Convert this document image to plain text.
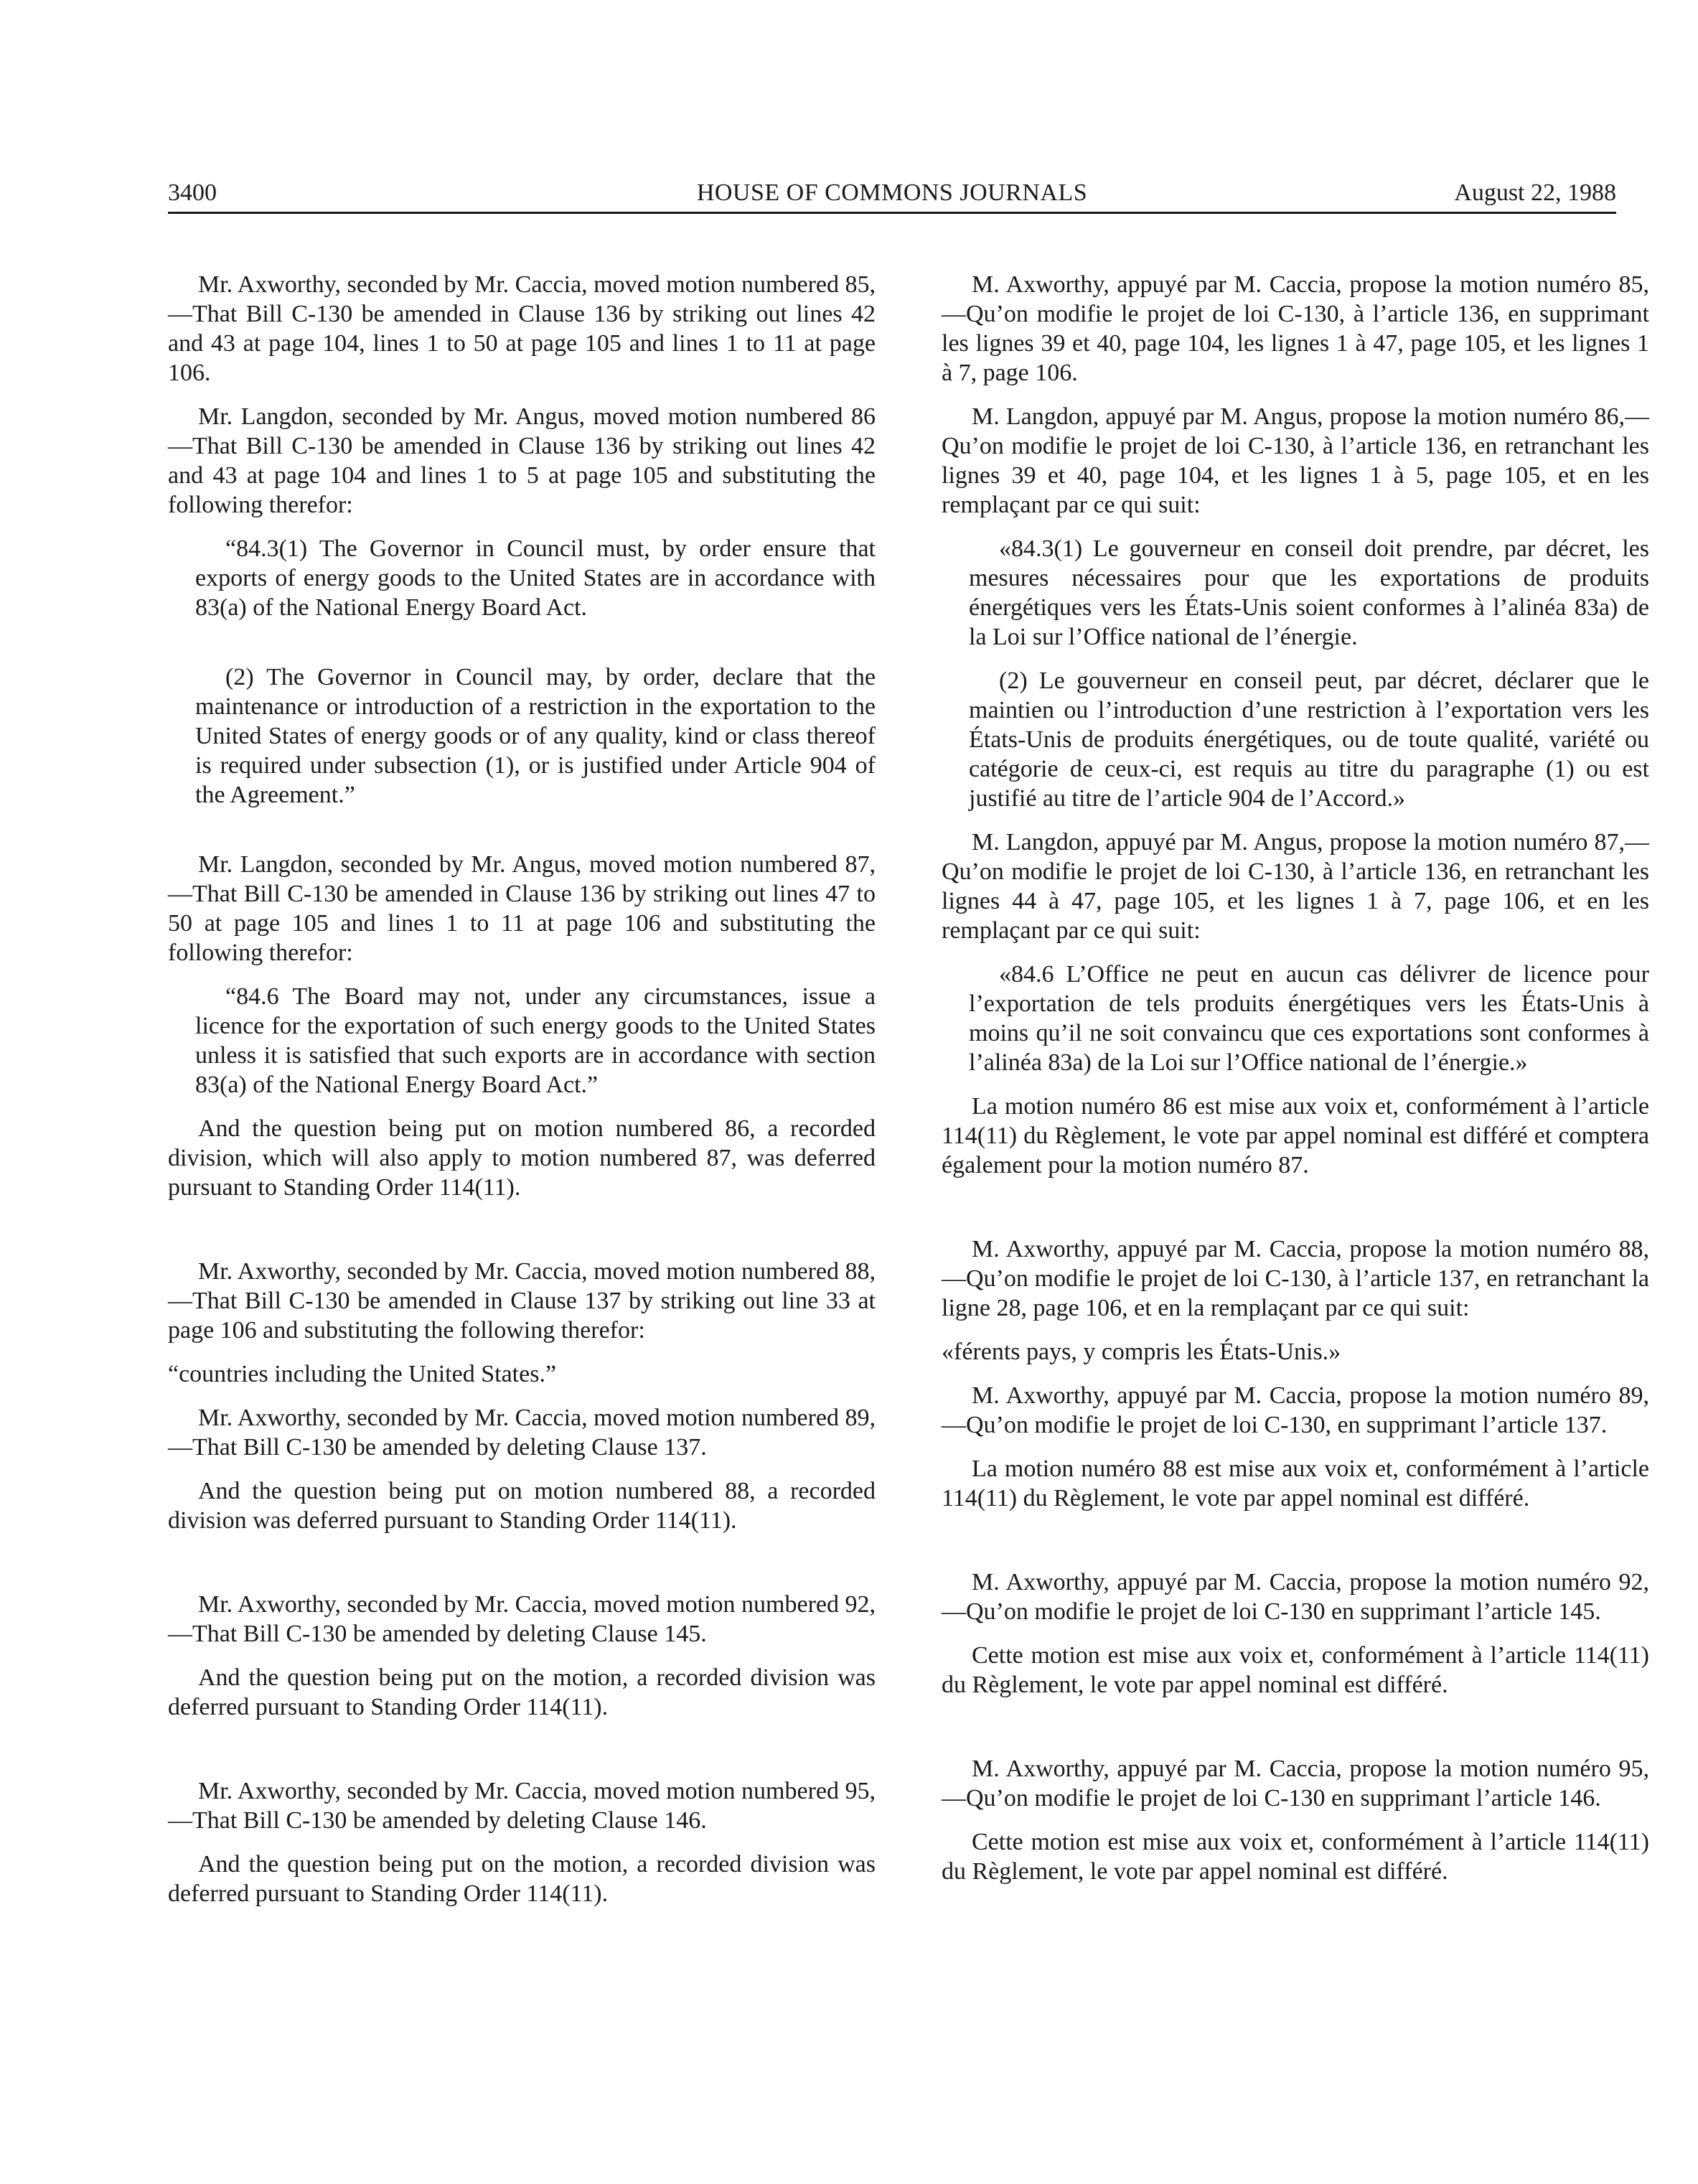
3400	HOUSE OF COMMONS JOURNALS	August 22, 1988

Mr. Axworthy, seconded by Mr. Caccia, moved motion numbered 85,—That Bill C-130 be amended in Clause 136 by striking out lines 42 and 43 at page 104, lines 1 to 50 at page 105 and lines 1 to 11 at page 106.

Mr. Langdon, seconded by Mr. Angus, moved motion numbered 86—That Bill C-130 be amended in Clause 136 by striking out lines 42 and 43 at page 104 and lines 1 to 5 at page 105 and substituting the following therefor:

“84.3(1) The Governor in Council must, by order ensure that exports of energy goods to the United States are in accordance with 83(a) of the National Energy Board Act.

(2) The Governor in Council may, by order, declare that the maintenance or introduction of a restriction in the exportation to the United States of energy goods or of any quality, kind or class thereof is required under subsection (1), or is justified under Article 904 of the Agreement.”

Mr. Langdon, seconded by Mr. Angus, moved motion numbered 87,—That Bill C-130 be amended in Clause 136 by striking out lines 47 to 50 at page 105 and lines 1 to 11 at page 106 and substituting the following therefor:

“84.6 The Board may not, under any circumstances, issue a licence for the exportation of such energy goods to the United States unless it is satisfied that such exports are in accordance with section 83(a) of the National Energy Board Act.”

And the question being put on motion numbered 86, a recorded division, which will also apply to motion numbered 87, was deferred pursuant to Standing Order 114(11).

Mr. Axworthy, seconded by Mr. Caccia, moved motion numbered 88,—That Bill C-130 be amended in Clause 137 by striking out line 33 at page 106 and substituting the following therefor:

“countries including the United States.”

Mr. Axworthy, seconded by Mr. Caccia, moved motion numbered 89,—That Bill C-130 be amended by deleting Clause 137.

And the question being put on motion numbered 88, a recorded division was deferred pursuant to Standing Order 114(11).

Mr. Axworthy, seconded by Mr. Caccia, moved motion numbered 92,—That Bill C-130 be amended by deleting Clause 145.

And the question being put on the motion, a recorded division was deferred pursuant to Standing Order 114(11).

Mr. Axworthy, seconded by Mr. Caccia, moved motion numbered 95,—That Bill C-130 be amended by deleting Clause 146.

And the question being put on the motion, a recorded division was deferred pursuant to Standing Order 114(11).

M. Axworthy, appuyé par M. Caccia, propose la motion numéro 85,—Qu’on modifie le projet de loi C-130, à l’article 136, en supprimant les lignes 39 et 40, page 104, les lignes 1 à 47, page 105, et les lignes 1 à 7, page 106.

M. Langdon, appuyé par M. Angus, propose la motion numéro 86,—Qu’on modifie le projet de loi C-130, à l’article 136, en retranchant les lignes 39 et 40, page 104, et les lignes 1 à 5, page 105, et en les remplaçant par ce qui suit:

«84.3(1) Le gouverneur en conseil doit prendre, par décret, les mesures nécessaires pour que les exportations de produits énergétiques vers les États-Unis soient conformes à l’alinéa 83a) de la Loi sur l’Office national de l’énergie.

(2) Le gouverneur en conseil peut, par décret, déclarer que le maintien ou l’introduction d’une restriction à l’exportation vers les États-Unis de produits énergétiques, ou de toute qualité, variété ou catégorie de ceux-ci, est requis au titre du paragraphe (1) ou est justifié au titre de l’article 904 de l’Accord.»

M. Langdon, appuyé par M. Angus, propose la motion numéro 87,—Qu’on modifie le projet de loi C-130, à l’article 136, en retranchant les lignes 44 à 47, page 105, et les lignes 1 à 7, page 106, et en les remplaçant par ce qui suit:

«84.6 L’Office ne peut en aucun cas délivrer de licence pour l’exportation de tels produits énergétiques vers les États-Unis à moins qu’il ne soit convaincu que ces exportations sont conformes à l’alinéa 83a) de la Loi sur l’Office national de l’énergie.»

La motion numéro 86 est mise aux voix et, conformément à l’article 114(11) du Règlement, le vote par appel nominal est différé et comptera également pour la motion numéro 87.

M. Axworthy, appuyé par M. Caccia, propose la motion numéro 88,—Qu’on modifie le projet de loi C-130, à l’article 137, en retranchant la ligne 28, page 106, et en la remplaçant par ce qui suit:

«férents pays, y compris les États-Unis.»

M. Axworthy, appuyé par M. Caccia, propose la motion numéro 89,—Qu’on modifie le projet de loi C-130, en supprimant l’article 137.

La motion numéro 88 est mise aux voix et, conformément à l’article 114(11) du Règlement, le vote par appel nominal est différé.

M. Axworthy, appuyé par M. Caccia, propose la motion numéro 92,—Qu’on modifie le projet de loi C-130 en supprimant l’article 145.

Cette motion est mise aux voix et, conformément à l’article 114(11) du Règlement, le vote par appel nominal est différé.

M. Axworthy, appuyé par M. Caccia, propose la motion numéro 95,—Qu’on modifie le projet de loi C-130 en supprimant l’article 146.

Cette motion est mise aux voix et, conformément à l’article 114(11) du Règlement, le vote par appel nominal est différé.
